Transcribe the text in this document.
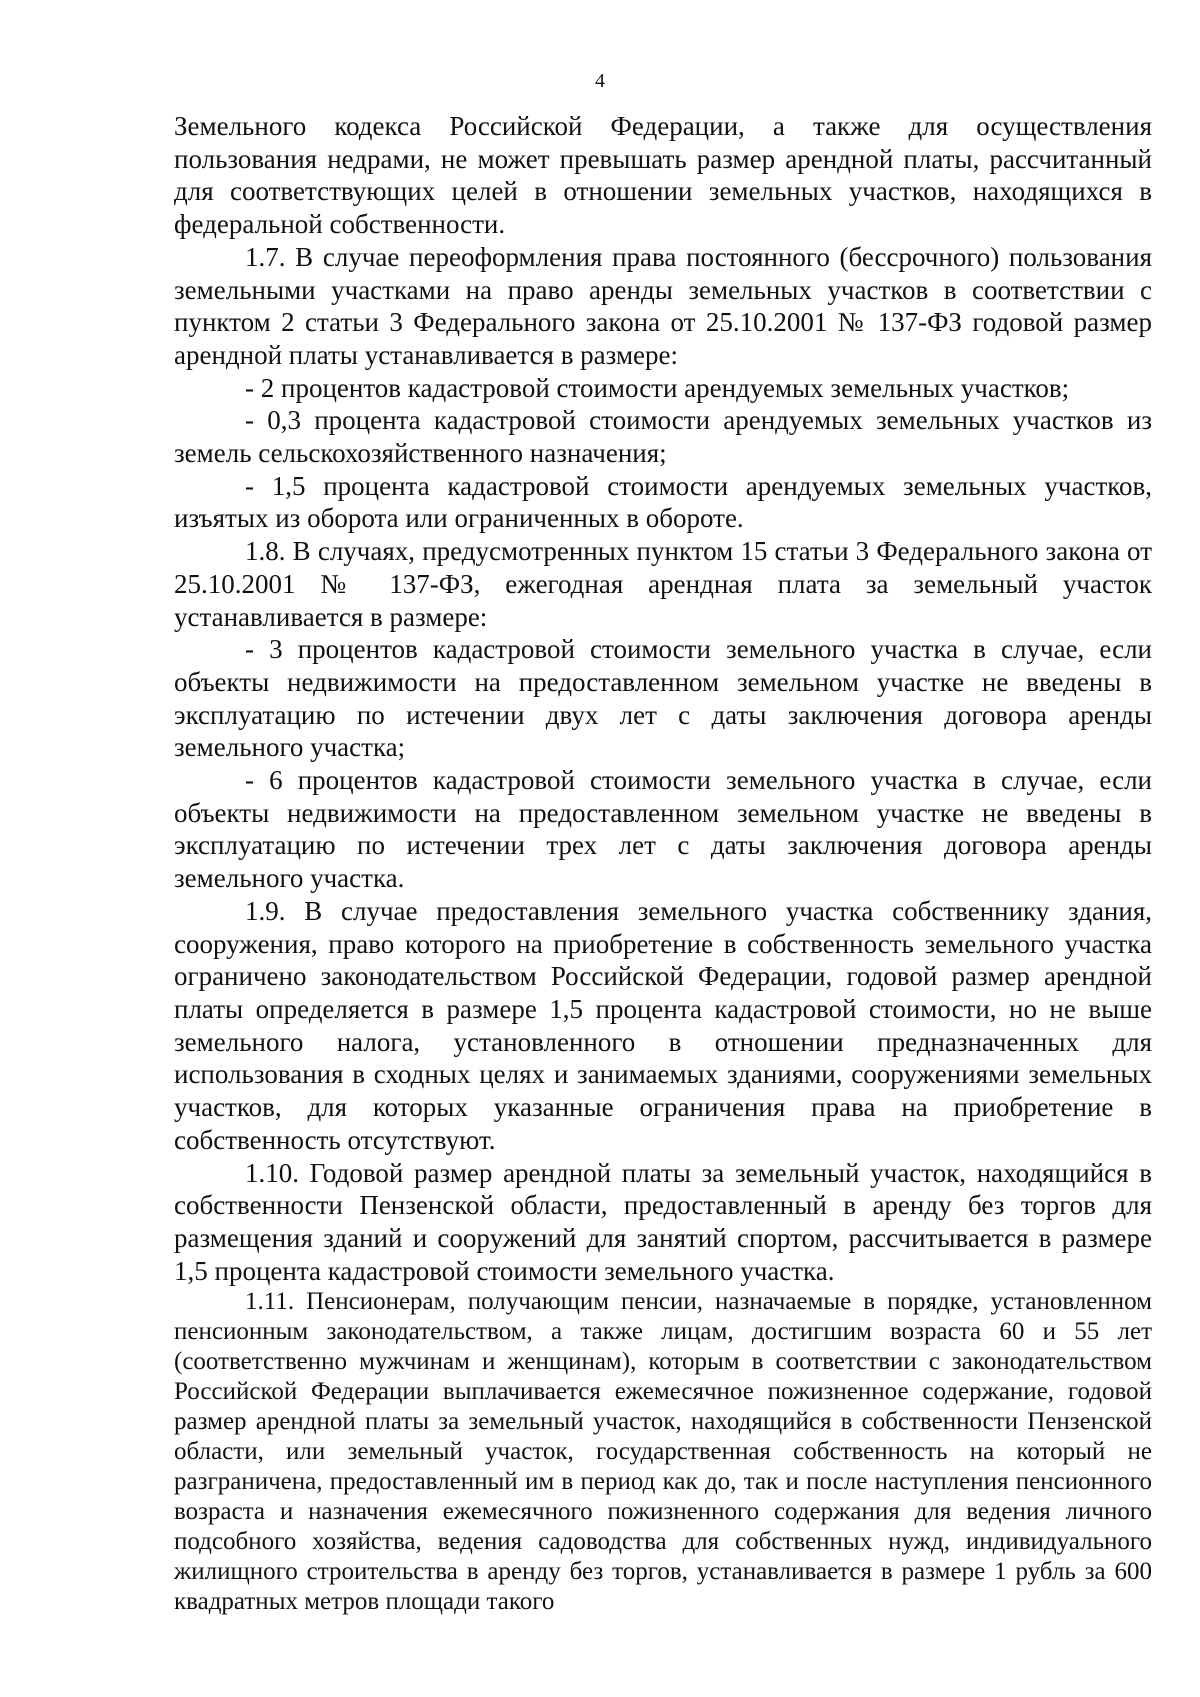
4

Земельного кодекса Российской Федерации, а также для осуществления пользования недрами, не может превышать размер арендной платы, рассчитанный для соответствующих целей в отношении земельных участков, находящихся в федеральной собственности.

1.7. В случае переоформления права постоянного (бессрочного) пользования земельными участками на право аренды земельных участков в соответствии с пунктом 2 статьи 3 Федерального закона от 25.10.2001 № 137-ФЗ годовой размер арендной платы устанавливается в размере:

- 2 процентов кадастровой стоимости арендуемых земельных участков;

- 0,3 процента кадастровой стоимости арендуемых земельных участков из земель сельскохозяйственного назначения;

- 1,5 процента кадастровой стоимости арендуемых земельных участков, изъятых из оборота или ограниченных в обороте.

1.8. В случаях, предусмотренных пунктом 15 статьи 3 Федерального закона от 25.10.2001 № 137-ФЗ, ежегодная арендная плата за земельный участок устанавливается в размере:

- 3 процентов кадастровой стоимости земельного участка в случае, если объекты недвижимости на предоставленном земельном участке не введены в эксплуатацию по истечении двух лет с даты заключения договора аренды земельного участка;

- 6 процентов кадастровой стоимости земельного участка в случае, если объекты недвижимости на предоставленном земельном участке не введены в эксплуатацию по истечении трех лет с даты заключения договора аренды земельного участка.

1.9. В случае предоставления земельного участка собственнику здания, сооружения, право которого на приобретение в собственность земельного участка ограничено законодательством Российской Федерации, годовой размер арендной платы определяется в размере 1,5 процента кадастровой стоимости, но не выше земельного налога, установленного в отношении предназначенных для использования в сходных целях и занимаемых зданиями, сооружениями земельных участков, для которых указанные ограничения права на приобретение в собственность отсутствуют.

1.10. Годовой размер арендной платы за земельный участок, находящийся в собственности Пензенской области, предоставленный в аренду без торгов для размещения зданий и сооружений для занятий спортом, рассчитывается в размере 1,5 процента кадастровой стоимости земельного участка.

1.11. Пенсионерам, получающим пенсии, назначаемые в порядке, установленном пенсионным законодательством, а также лицам, достигшим возраста 60 и 55 лет (соответственно мужчинам и женщинам), которым в соответствии с законодательством Российской Федерации выплачивается ежемесячное пожизненное содержание, годовой размер арендной платы за земельный участок, находящийся в собственности Пензенской области, или земельный участок, государственная собственность на который не разграничена, предоставленный им в период как до, так и после наступления пенсионного возраста и назначения ежемесячного пожизненного содержания для ведения личного подсобного хозяйства, ведения садоводства для собственных нужд, индивидуального жилищного строительства в аренду без торгов, устанавливается в размере 1 рубль за 600 квадратных метров площади такого
